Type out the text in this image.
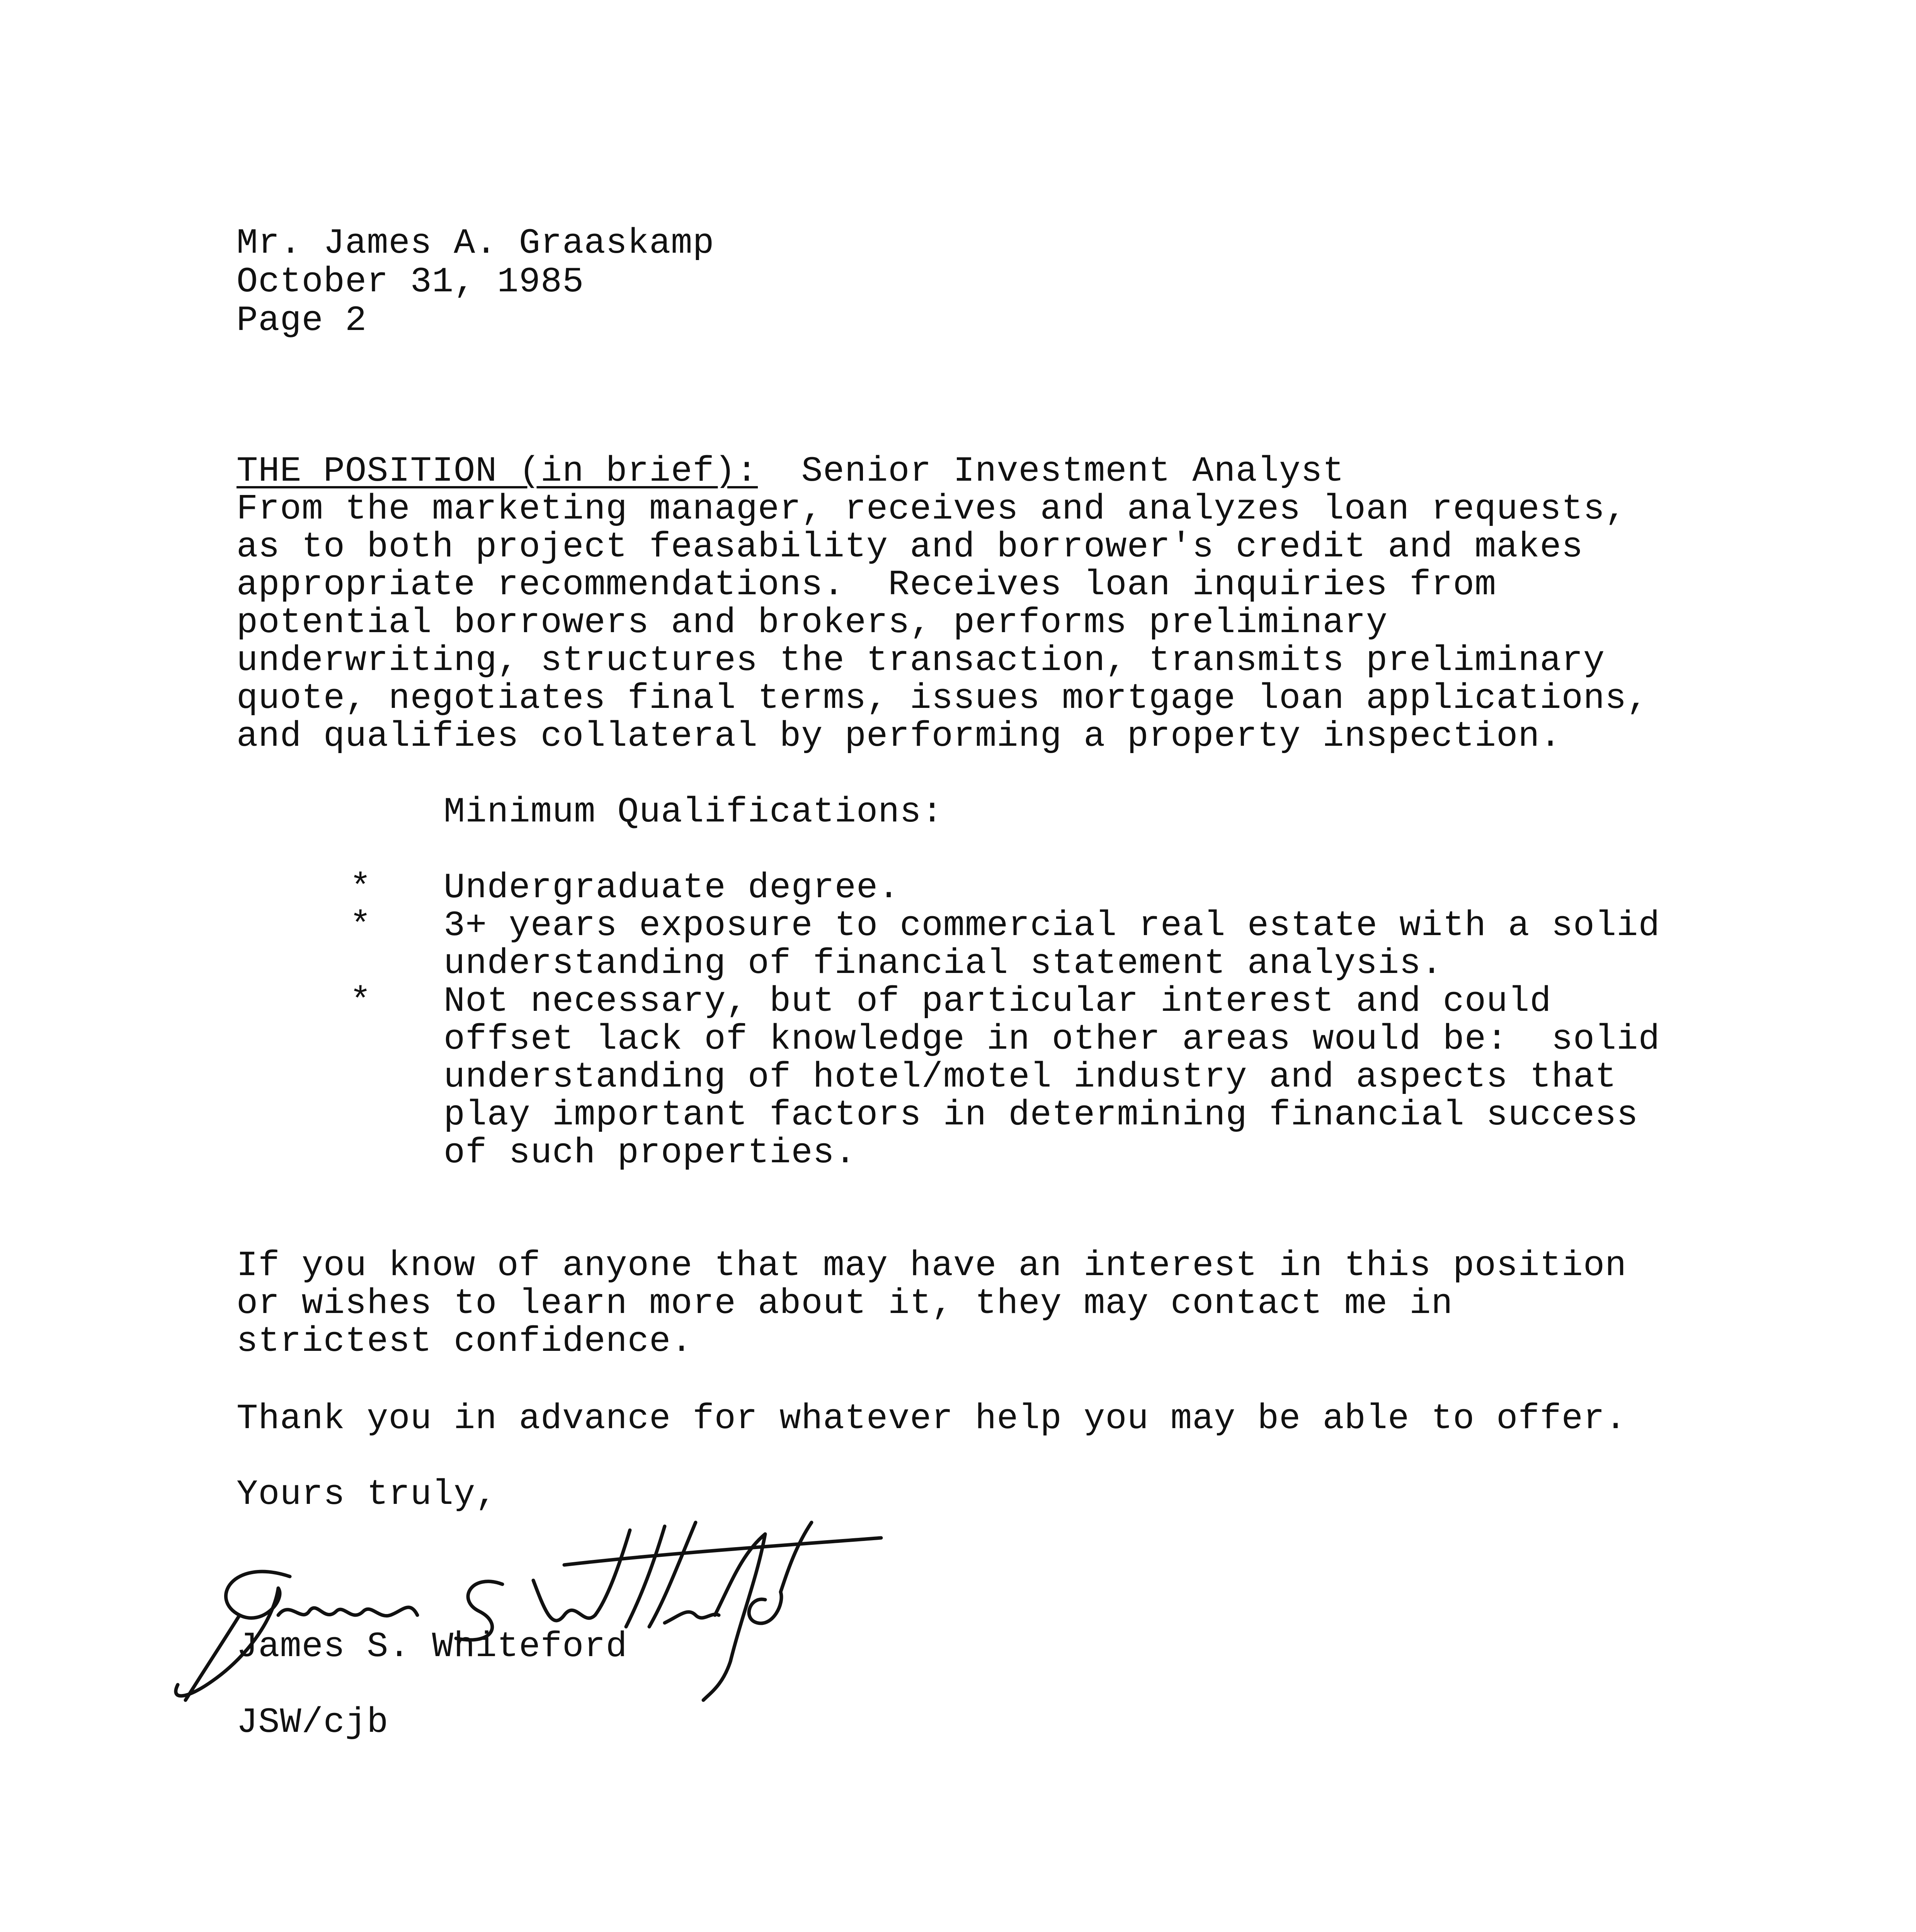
Mr. James A. Graaskamp
October 31, 1985
Page 2
THE POSITION (in brief): Senior Investment Analyst
From the marketing manager, receives and analyzes loan requests,
as to both project feasability and borrower's credit and makes
appropriate recommendations.  Receives loan inquiries from
potential borrowers and brokers, performs preliminary
underwriting, structures the transaction, transmits preliminary
quote, negotiates final terms, issues mortgage loan applications,
and qualifies collateral by performing a property inspection.
Minimum Qualifications:
* Undergraduate degree.
* 3+ years exposure to commercial real estate with a solid
understanding of financial statement analysis.
* Not necessary, but of particular interest and could
offset lack of knowledge in other areas would be:  solid
understanding of hotel/motel industry and aspects that
play important factors in determining financial success
of such properties.
If you know of anyone that may have an interest in this position
or wishes to learn more about it, they may contact me in
strictest confidence.
Thank you in advance for whatever help you may be able to offer.
Yours truly,
James S. Whiteford
JSW/cjb
